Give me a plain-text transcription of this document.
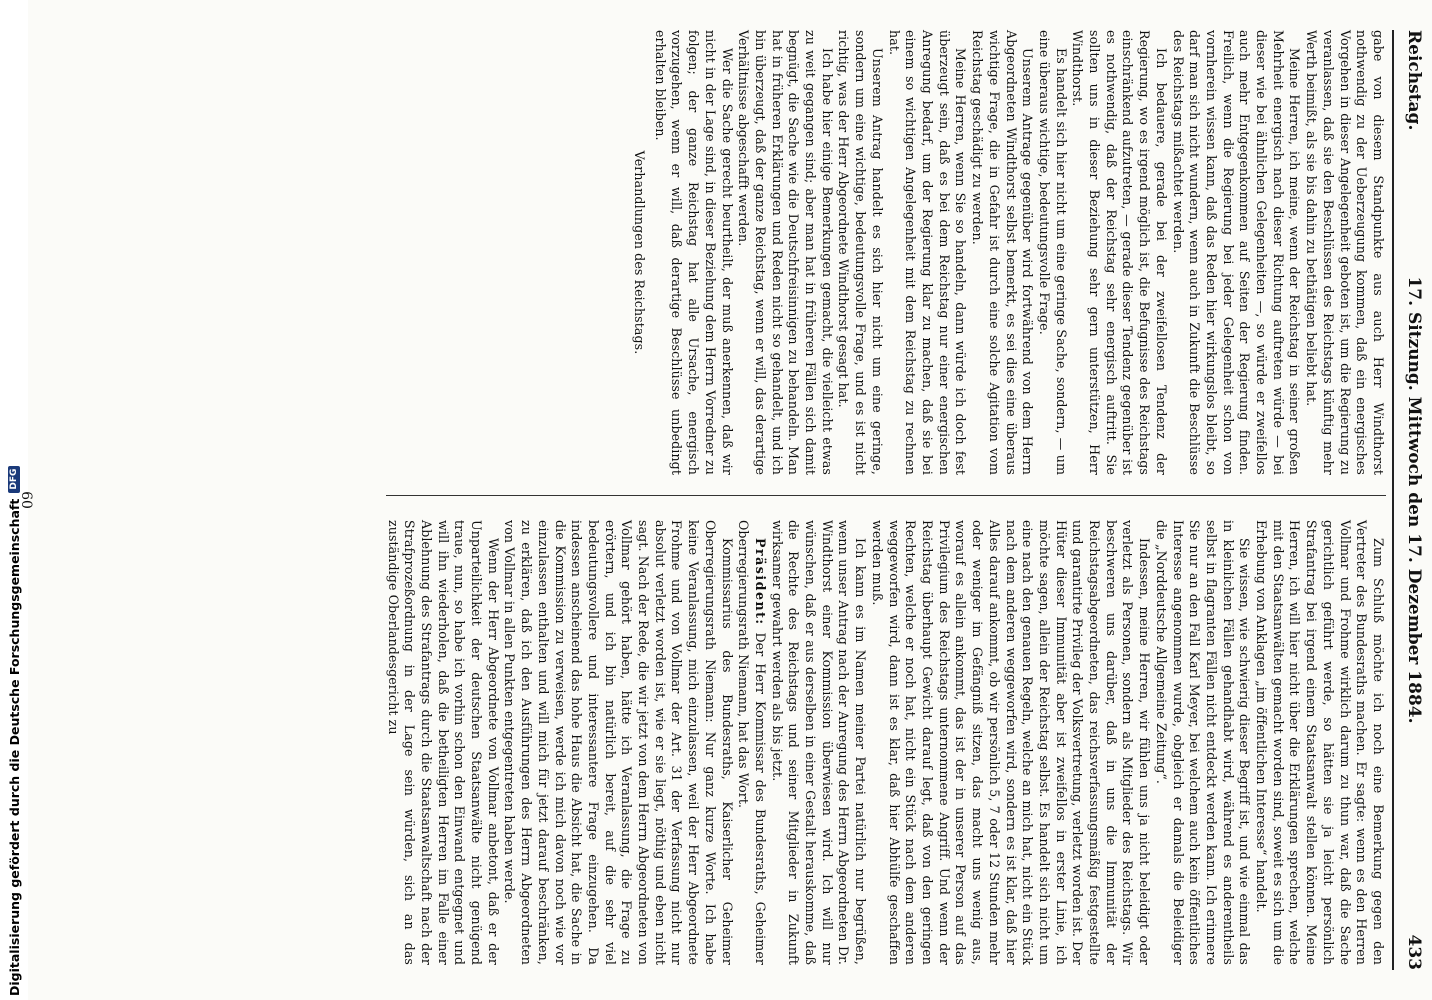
Digitalisierung gefördert durch die Deutsche Forschungsgemeinschaft
DFG
Reichstag.
17. Sitzung. Mittwoch den 17. Dezember 1884.
433

gabe von diesem Standpunkte aus auch Herr Windthorst nothwendig zu der Ueberzeugung kommen, daß ein energisches Vorgehen in dieser Angelegenheit geboten ist, um die Regierung zu veranlassen, daß sie den Beschlüssen des Reichstags künftig mehr Werth beimißt, als sie bis dahin zu bethätigen beliebt hat.

Meine Herren, ich meine, wenn der Reichstag in seiner großen Mehrheit energisch nach dieser Richtung auftreten würde — bei dieser wie bei ähnlichen Gelegenheiten —, so würde er zweifellos auch mehr Entgegenkommen auf Seiten der Regierung finden. Freilich, wenn die Regierung bei jeder Gelegenheit schon von vornherein wissen kann, daß das Reden hier wirkungslos bleibt, so darf man sich nicht wundern, wenn auch in Zukunft die Beschlüsse des Reichstags mißachtet werden.

Ich bedauere, gerade bei der zweifellosen Tendenz der Regierung, wo es irgend möglich ist, die Befugnisse des Reichstags einschränkend aufzutreten, — gerade dieser Tendenz gegenüber ist es nothwendig, daß der Reichstag sehr energisch auftritt. Sie sollten uns in dieser Beziehung sehr gern unterstützen, Herr Windthorst.

Es handelt sich hier nicht um eine geringe Sache, sondern, — um eine überaus wichtige, bedeutungsvolle Frage.

Unserem Antrage gegenüber wird fortwährend von dem Herrn Abgeordneten Windthorst selbst bemerkt, es sei dies eine überaus wichtige Frage, die in Gefahr ist durch eine solche Agitation vom Reichstag geschädigt zu werden.

Meine Herren, wenn Sie so handeln, dann würde ich doch fest überzeugt sein, daß es bei dem Reichstag nur einer energischen Anregung bedarf, um der Regierung klar zu machen, daß sie bei einem so wichtigen Angelegenheit mit dem Reichstag zu rechnen hat.

Unserem Antrag handelt es sich hier nicht um eine geringe, sondern um eine wichtige, bedeutungsvolle Frage, und es ist nicht richtig, was der Herr Abgeordnete Windthorst gesagt hat.

Ich habe hier einige Bemerkungen gemacht, die vielleicht etwas zu weit gegangen sind; aber man hat in früheren Fällen sich damit begnügt, die Sache wie die Deutschfreisinnigen zu behandeln. Man hat in früheren Erklärungen und Reden nicht so gehandelt, und ich bin überzeugt, daß der ganze Reichstag, wenn er will, das derartige Verhältnisse abgeschafft werden.

Wer die Sache gerecht beurtheilt, der muß anerkennen, daß wir nicht in der Lage sind, in dieser Beziehung dem Herrn Vorredner zu folgen; der ganze Reichstag hat alle Ursache, energisch vorzugehen, wenn er will, daß derartige Beschlüsse unbedingt erhalten bleiben.

Verhandlungen des Reichstags.

Zum Schluß möchte ich noch eine Bemerkung gegen den Vertreter des Bundesraths machen. Er sagte: wenn es den Herren Vollmar und Frohme wirklich darum zu thun war, daß die Sache gerichtlich geführt werde, so hätten sie ja leicht persönlich Strafantrag bei irgend einem Staatsanwalt stellen können. Meine Herren, ich will hier nicht über die Erklärungen sprechen, welche mit den Staatsanwälten gemacht worden sind, soweit es sich um die Erhebung von Anklagen „im öffentlichen Interesse“ handelt.

Sie wissen, wie schwierig dieser Begriff ist, und wie einmal das in kleinlichen Fällen gehandhabt wird, während es anderentheils selbst in flagranten Fällen nicht entdeckt werden kann. Ich erinnere Sie nur an den Fall Karl Meyer, bei welchem auch kein öffentliches Interesse angenommen wurde, obgleich er damals die Beleidiger die „Norddeutsche Allgemeine Zeitung“.

Indessen, meine Herren, wir fühlen uns ja nicht beleidigt oder verletzt als Personen, sondern als Mitglieder des Reichstags. Wir beschweren uns darüber, daß in uns die Immunität der Reichstagsabgeordneten, das reichsverfassungsmäßig festgestellte und garantirte Privileg der Volksvertretung, verletzt worden ist. Der Hüter dieser Immunität aber ist zweifellos in erster Linie, ich möchte sagen, allein der Reichstag selbst. Es handelt sich nicht um eine nach den genauen Regeln, welche an mich hat, nicht ein Stück nach dem anderen weggeworfen wird, sondern es ist klar, daß hier Alles darauf ankommt, ob wir persönlich 5, 7 oder 12 Stunden mehr oder weniger im Gefängniß sitzen, das macht uns wenig aus, worauf es allein ankommt, das ist der in unserer Person auf das Privilegium des Reichstags unternommene Angriff. Und wenn der Reichstag überhaupt Gewicht darauf legt, daß von den geringen Rechten, welche er noch hat, nicht ein Stück nach dem anderen weggeworfen wird, dann ist es klar, daß hier Abhülfe geschaffen werden muß.

Ich kann es im Namen meiner Partei natürlich nur begrüßen, wenn unser Antrag nach der Anregung des Herrn Abgeordneten Dr. Windthorst einer Kommission überwiesen wird. Ich will nur wünschen, daß er aus derselben in einer Gestalt herauskomme, daß die Rechte des Reichstags und seiner Mitglieder in Zukunft wirksamer gewahrt werden als bis jetzt.

Präsident: Der Herr Kommissar des Bundesraths, Geheimer Oberregierungsrath Niemann, hat das Wort.

Kommissarius des Bundesraths, Kaiserlicher Geheimer Oberregierungsrath Niemann: Nur ganz kurze Worte. Ich habe keine Veranlassung, mich einzulassen, weil der Herr Abgeordnete Frohme und von Vollmar der Art. 31 der Verfassung nicht nur absolut verletzt worden ist, wie er sie liegt, nöthig und eben nicht sagt. Nach der Rede, die wir jetzt von dem Herrn Abgeordneten von Vollmar gehört haben, hätte ich Veranlassung, die Frage zu erörtern, und ich bin natürlich bereit, auf die sehr viel bedeutungsvollere und interessantere Frage einzugehen. Da indessen anscheinend das hohe Haus die Absicht hat, die Sache in die Kommission zu verweisen, werde ich mich davon noch wie vor einzulassen enthalten und will mich für jetzt darauf beschränken, zu erklären, daß ich den Ausführungen des Herrn Abgeordneten von Vollmar in allen Punkten entgegentreten haben werde.

Wenn der Herr Abgeordnete von Vollmar anbetont, daß er der Unparteilichkeit der deutschen Staatsanwälte nicht genügend traue, nun, so habe ich vorhin schon den Einwand entgegnet und will ihn wiederholen, daß die betheiligten Herren im Falle einer Ablehnung des Strafantrags durch die Staatsanwaltschaft nach der Strafprozeßordnung in der Lage sein würden, sich an das zuständige Oberlandesgericht zu

60
